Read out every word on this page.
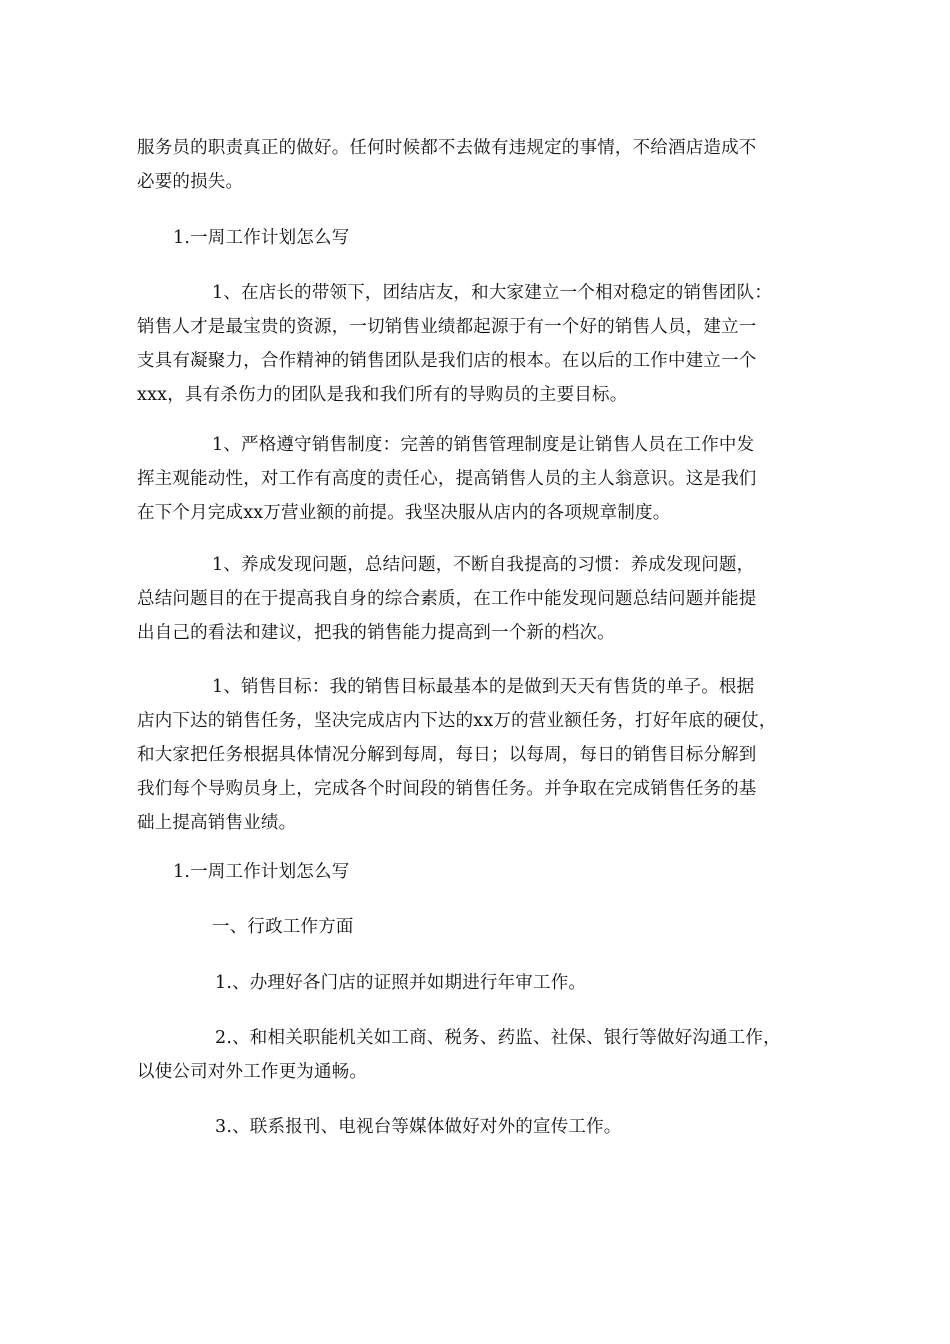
服务员的职责真正的做好。任何时候都不去做有违规定的事情，不给酒店造成不
必要的损失。
1.一周工作计划怎么写
1、在店长的带领下，团结店友，和大家建立一个相对稳定的销售团队：
销售人才是最宝贵的资源，一切销售业绩都起源于有一个好的销售人员，建立一
支具有凝聚力，合作精神的销售团队是我们店的根本。在以后的工作中建立一个
xxx，具有杀伤力的团队是我和我们所有的导购员的主要目标。
1、严格遵守销售制度：完善的销售管理制度是让销售人员在工作中发
挥主观能动性，对工作有高度的责任心，提高销售人员的主人翁意识。这是我们
在下个月完成xx万营业额的前提。我坚决服从店内的各项规章制度。
1、养成发现问题，总结问题，不断自我提高的习惯：养成发现问题，
总结问题目的在于提高我自身的综合素质，在工作中能发现问题总结问题并能提
出自己的看法和建议，把我的销售能力提高到一个新的档次。
1、销售目标：我的销售目标最基本的是做到天天有售货的单子。根据
店内下达的销售任务，坚决完成店内下达的xx万的营业额任务，打好年底的硬仗，
和大家把任务根据具体情况分解到每周，每日；以每周，每日的销售目标分解到
我们每个导购员身上，完成各个时间段的销售任务。并争取在完成销售任务的基
础上提高销售业绩。
1.一周工作计划怎么写
一、行政工作方面
1.、办理好各门店的证照并如期进行年审工作。
2.、和相关职能机关如工商、税务、药监、社保、银行等做好沟通工作，
以使公司对外工作更为通畅。
3.、联系报刊、电视台等媒体做好对外的宣传工作。
